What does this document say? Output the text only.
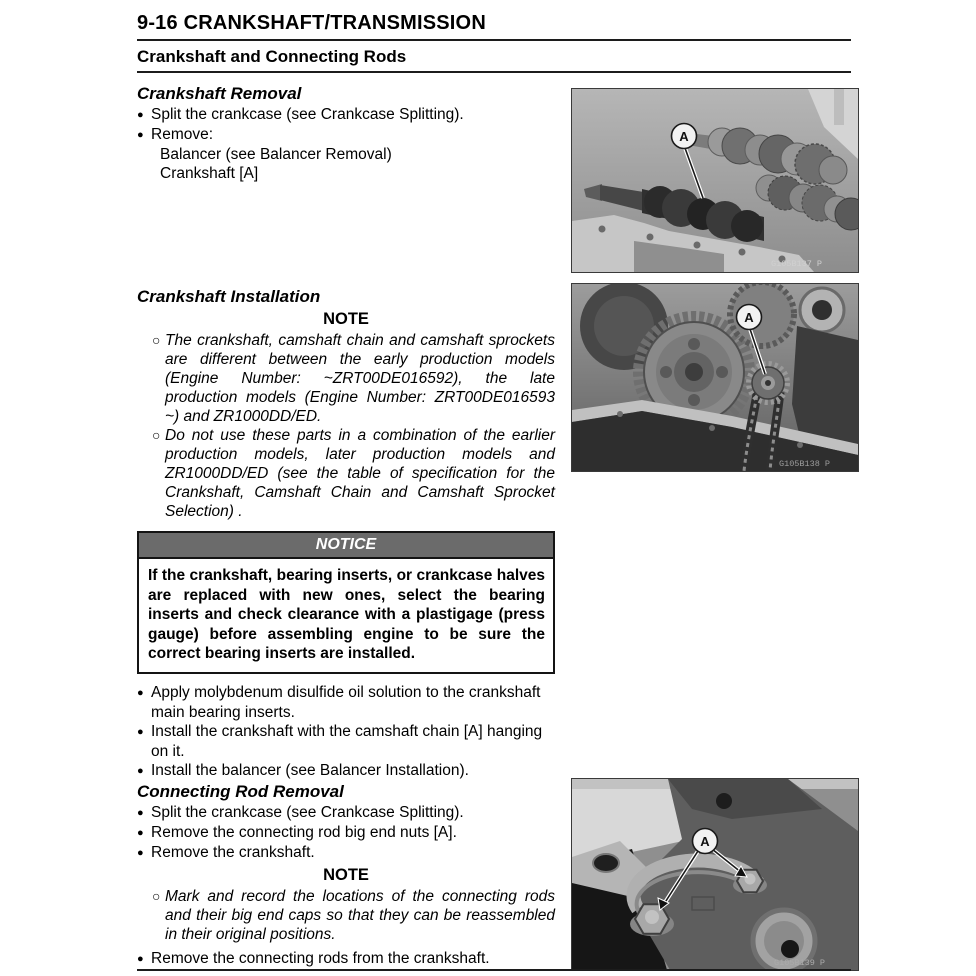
9-16 CRANKSHAFT/TRANSMISSION
Crankshaft and Connecting Rods
Crankshaft Removal
● Split the crankcase (see Crankcase Splitting).
● Remove:
Balancer (see Balancer Removal)
Crankshaft [A]
Crankshaft Installation
NOTE
○ The crankshaft, camshaft chain and camshaft sprockets are different between the early production models (Engine Number: ~ZRT00DE016592), the late production models (Engine Number: ZRT00DE016593 ~) and ZR1000DD/ED.
○ Do not use these parts in a combination of the earlier production models, later production models and ZR1000DD/ED (see the table of specification for the Crankshaft, Camshaft Chain and Camshaft Sprocket Selection) .
NOTICE
If the crankshaft, bearing inserts, or crankcase halves are replaced with new ones, select the bearing inserts and check clearance with a plastigage (press gauge) before assembling engine to be sure the correct bearing inserts are installed.
● Apply molybdenum disulfide oil solution to the crankshaft main bearing inserts.
● Install the crankshaft with the camshaft chain [A] hanging on it.
● Install the balancer (see Balancer Installation).
Connecting Rod Removal
● Split the crankcase (see Crankcase Splitting).
● Remove the connecting rod big end nuts [A].
● Remove the crankshaft.
NOTE
○ Mark and record the locations of the connecting rods and their big end caps so that they can be reassembled in their original positions.
● Remove the connecting rods from the crankshaft.
A
G105B137 P
A
G105B138 P
A
G105B139 P
